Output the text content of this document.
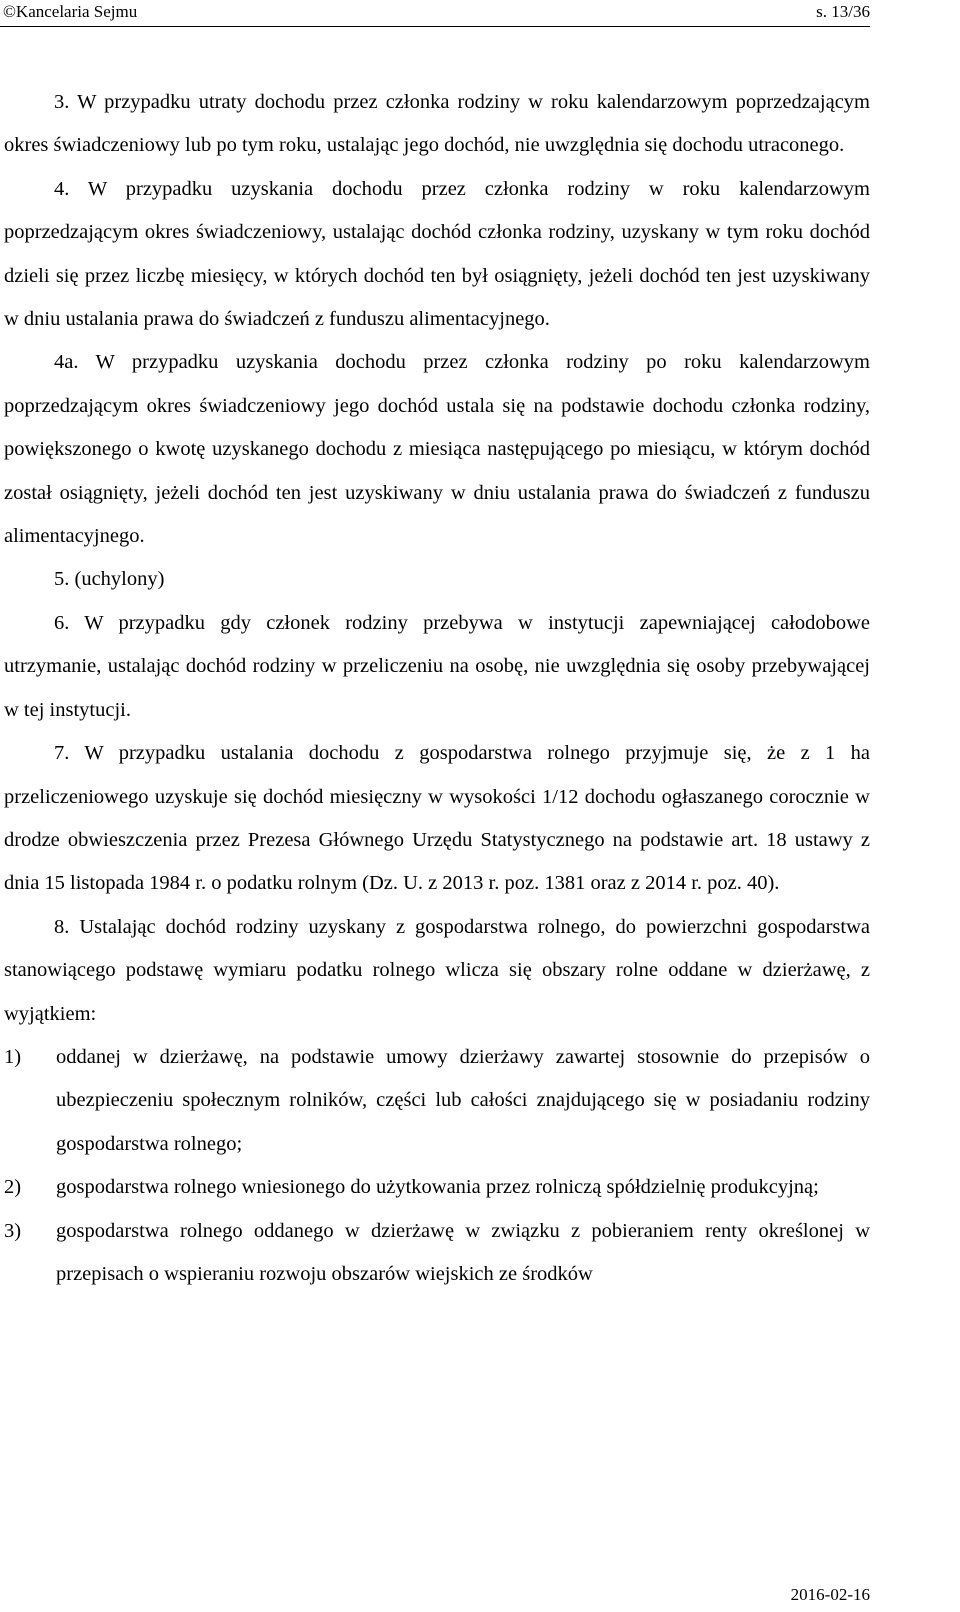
©Kancelaria Sejmu	s. 13/36

3. W przypadku utraty dochodu przez członka rodziny w roku kalendarzowym poprzedzającym okres świadczeniowy lub po tym roku, ustalając jego dochód, nie uwzględnia się dochodu utraconego.

4. W przypadku uzyskania dochodu przez członka rodziny w roku kalendarzowym poprzedzającym okres świadczeniowy, ustalając dochód członka rodziny, uzyskany w tym roku dochód dzieli się przez liczbę miesięcy, w których dochód ten był osiągnięty, jeżeli dochód ten jest uzyskiwany w dniu ustalania prawa do świadczeń z funduszu alimentacyjnego.

4a. W przypadku uzyskania dochodu przez członka rodziny po roku kalendarzowym poprzedzającym okres świadczeniowy jego dochód ustala się na podstawie dochodu członka rodziny, powiększonego o kwotę uzyskanego dochodu z miesiąca następującego po miesiącu, w którym dochód został osiągnięty, jeżeli dochód ten jest uzyskiwany w dniu ustalania prawa do świadczeń z funduszu alimentacyjnego.

5. (uchylony)

6. W przypadku gdy członek rodziny przebywa w instytucji zapewniającej całodobowe utrzymanie, ustalając dochód rodziny w przeliczeniu na osobę, nie uwzględnia się osoby przebywającej w tej instytucji.

7. W przypadku ustalania dochodu z gospodarstwa rolnego przyjmuje się, że z 1 ha przeliczeniowego uzyskuje się dochód miesięczny w wysokości 1/12 dochodu ogłaszanego corocznie w drodze obwieszczenia przez Prezesa Głównego Urzędu Statystycznego na podstawie art. 18 ustawy z dnia 15 listopada 1984 r. o podatku rolnym (Dz. U. z 2013 r. poz. 1381 oraz z 2014 r. poz. 40).

8. Ustalając dochód rodziny uzyskany z gospodarstwa rolnego, do powierzchni gospodarstwa stanowiącego podstawę wymiaru podatku rolnego wlicza się obszary rolne oddane w dzierżawę, z wyjątkiem:

1) oddanej w dzierżawę, na podstawie umowy dzierżawy zawartej stosownie do przepisów o ubezpieczeniu społecznym rolników, części lub całości znajdującego się w posiadaniu rodziny gospodarstwa rolnego;
2) gospodarstwa rolnego wniesionego do użytkowania przez rolniczą spółdzielnię produkcyjną;
3) gospodarstwa rolnego oddanego w dzierżawę w związku z pobieraniem renty określonej w przepisach o wspieraniu rozwoju obszarów wiejskich ze środków
2016-02-16
